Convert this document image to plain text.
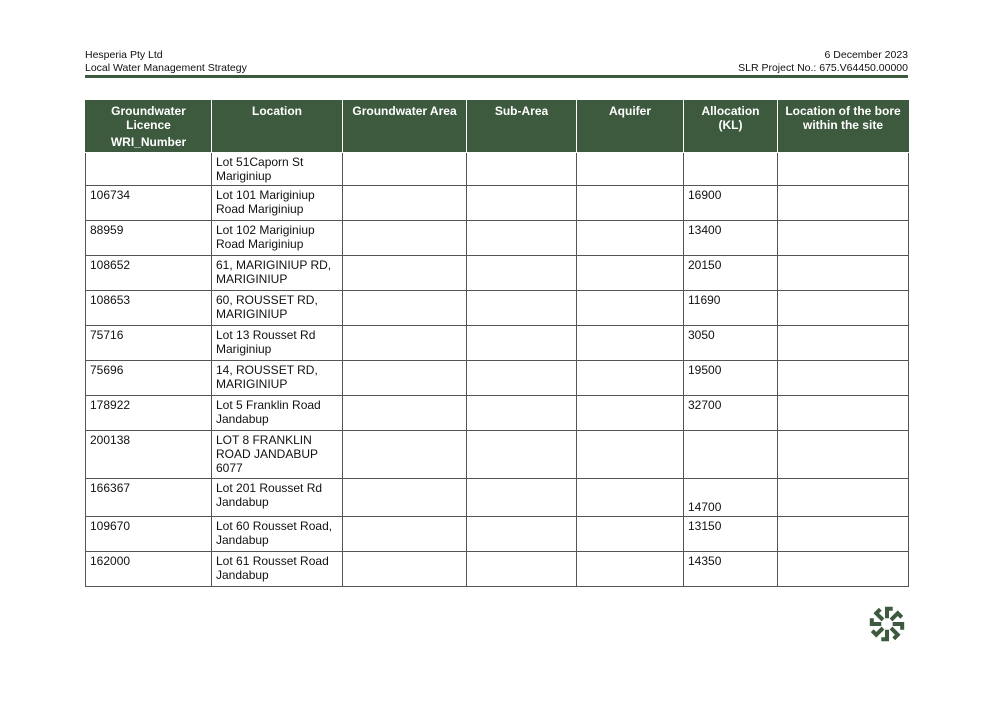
Hesperia Pty Ltd
Local Water Management Strategy
6 December 2023
SLR Project No.: 675.V64450.00000
Groundwater Licence
WRI_Number	Location	Groundwater Area	Sub-Area	Aquifer	Allocation (KL)	Location of the bore within the site
	Lot 51Caporn St Mariginiup					
106734	Lot 101 Mariginiup Road Mariginiup				16900	
88959	Lot 102 Mariginiup Road Mariginiup				13400	
108652	61, MARIGINIUP RD, MARIGINIUP				20150	
108653	60, ROUSSET RD, MARIGINIUP				11690	
75716	Lot 13 Rousset Rd Mariginiup				3050	
75696	14, ROUSSET RD, MARIGINIUP				19500	
178922	Lot 5 Franklin Road Jandabup				32700	
200138	LOT 8 FRANKLIN ROAD JANDABUP 6077					
166367	Lot 201 Rousset Rd Jandabup				14700	
109670	Lot 60 Rousset Road, Jandabup				13150	
162000	Lot 61 Rousset Road Jandabup				14350	
